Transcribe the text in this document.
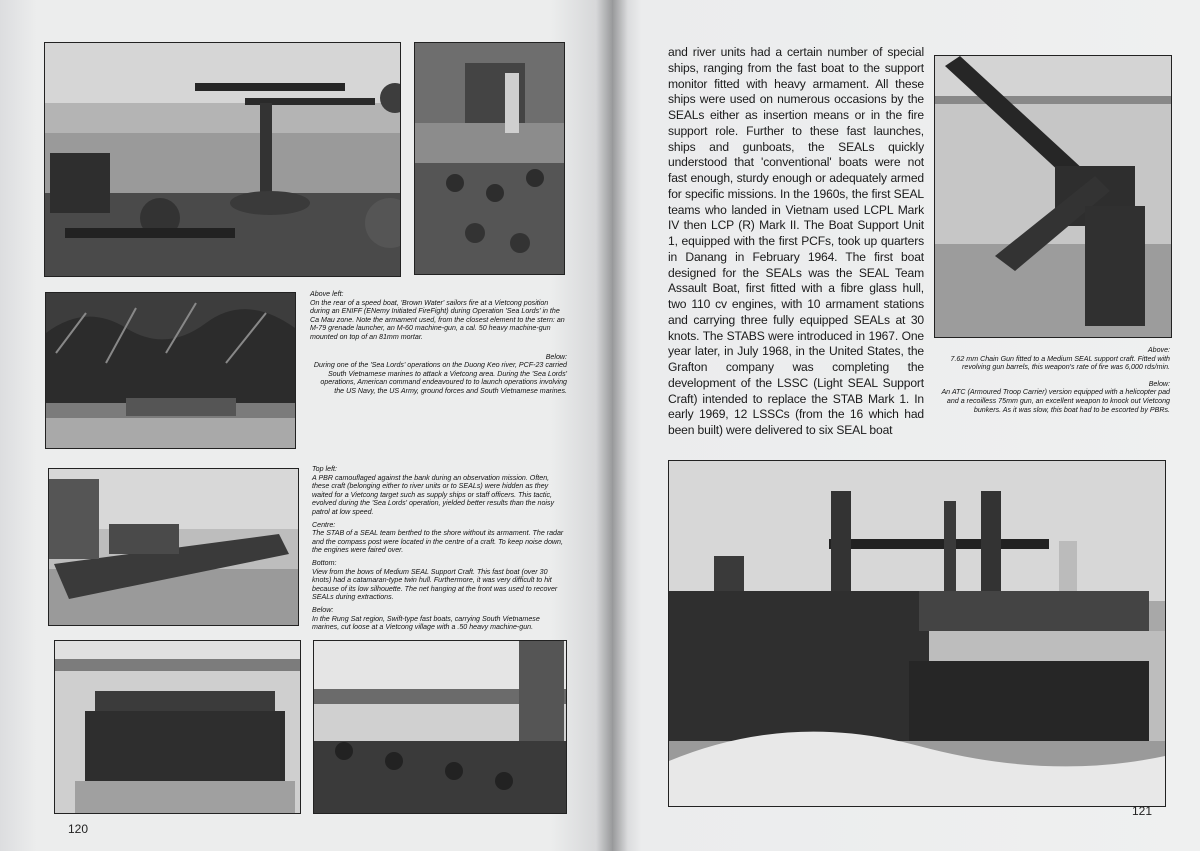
Above left:

On the rear of a speed boat, 'Brown Water' sailors fire at a Vietcong position during an ENIFF (ENemy Initiated FireFight) during Operation 'Sea Lords' in the Ca Mau zone. Note the armament used, from the closest element to the stern: an M-79 grenade launcher, an M-60 machine-gun, a cal. 50 heavy machine-gun mounted on top of an 81mm mortar.

Below:

During one of the 'Sea Lords' operations on the Duong Keo river, PCF-23 carried South Vietnamese marines to attack a Vietcong area. During the 'Sea Lords' operations, American command endeavoured to to launch operations involving the US Navy, the US Army, ground forces and South Vietnamese marines.

Top left:

A PBR camouflaged against the bank during an observation mission. Often, these craft (belonging either to river units or to SEALs) were hidden as they waited for a Vietcong target such as supply ships or staff officers. This tactic, evolved during the 'Sea Lords' operation, yielded better results than the noisy patrol at low speed.

Centre:

The STAB of a SEAL team berthed to the shore without its armament. The radar and the compass post were located in the centre of a craft. To keep noise down, the engines were faired over.

Bottom:

View from the bows of Medium SEAL Support Craft. This fast boat (over 30 knots) had a catamaran-type twin hull. Furthermore, it was very difficult to hit because of its low silhouette. The net hanging at the front was used to recover SEALs during extractions.

Below:

In the Rung Sat region, Swift-type fast boats, carrying South Vietnamese marines, cut loose at a Vietcong village with a .50 heavy machine-gun.

120
and river units had a certain number of special ships, ranging from the fast boat to the support monitor fitted with heavy armament. All these ships were used on numerous occasions by the SEALs either as insertion means or in the fire support role. Further to these fast launches, ships and gunboats, the SEALs quickly understood that 'conventional' boats were not fast enough, sturdy enough or adequately armed for specific missions. In the 1960s, the first SEAL teams who landed in Vietnam used LCPL Mark IV then LCP (R) Mark II. The Boat Support Unit 1, equipped with the first PCFs, took up quarters in Danang in February 1964. The first boat designed for the SEALs was the SEAL Team Assault Boat, first fitted with a fibre glass hull, two 110 cv engines, with 10 armament stations and carrying three fully equipped SEALs at 30 knots. The STABS were introduced in 1967. One year later, in July 1968, in the United States, the Grafton company was completing the development of the LSSC (Light SEAL Support Craft) intended to replace the STAB Mark 1. In early 1969, 12 LSSCs (from the 16 which had been built) were delivered to six SEAL boat
Above:

7.62 mm Chain Gun fitted to a Medium SEAL support craft. Fitted with revolving gun barrels, this weapon's rate of fire was 6,000 rds/min.

Below:

An ATC (Armoured Troop Carrier) version equipped with a helicopter pad and a recoilless 75mm gun, an excellent weapon to knock out Vietcong bunkers. As it was slow, this boat had to be escorted by PBRs.

121
